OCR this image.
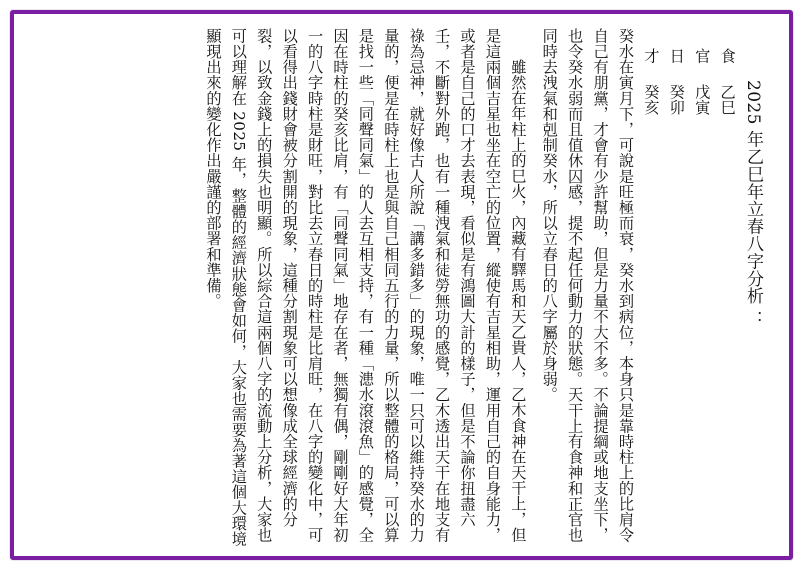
2025 年乙巳年立春八字分析 ：

食乙巳

官戊寅

日癸卯

才癸亥

癸水在寅月下，可說是旺極而衰，癸水到病位，本身只是靠時柱上的比肩令自己有朋黨，才會有少許幫助，但是力量不大不多。不論提綱或地支坐下，也令癸水弱而且值休囚感，提不起任何動力的狀態。天干上有食神和正官也同時去洩氣和剋制癸水，所以立春日的八字屬於身弱。

雖然在年柱上的巳火，內藏有驛馬和天乙貴人，乙木食神在天干上，但是這兩個吉星也坐在空亡的位置，縱使有吉星相助，運用自己的自身能力，或者是自己的口才去表現，看似是有鴻圖大計的樣子，但是不論你扭盡六壬，不斷對外跑，也有一種洩氣和徒勞無功的感覺，乙木透出天干在地支有祿為忌神，就好像古人所說「講多錯多」的現象，唯一只可以維持癸水的力量的，便是在時柱上也是與自己相同五行的力量，所以整體的格局，可以算是找一些「同聲同氣」的人去互相支持，有一種「漶水滾滾魚」的感覺，全因在時柱的癸亥比肩，有「同聲同氣」地存在者，無獨有偶，剛剛好大年初一的八字時柱是財旺，對比去立春日的時柱是比肩旺，在八字的變化中，可以看得出錢財會被分割開的現象，這種分割現象可以想像成全球經濟的分裂，以致金錢上的損失也明顯。所以綜合這兩個八字的流動上分析，大家也可以理解在 2025 年，整體的經濟狀態會如何，大家也需要為著這個大環境顯現出來的變化作出嚴謹的部署和準備。
